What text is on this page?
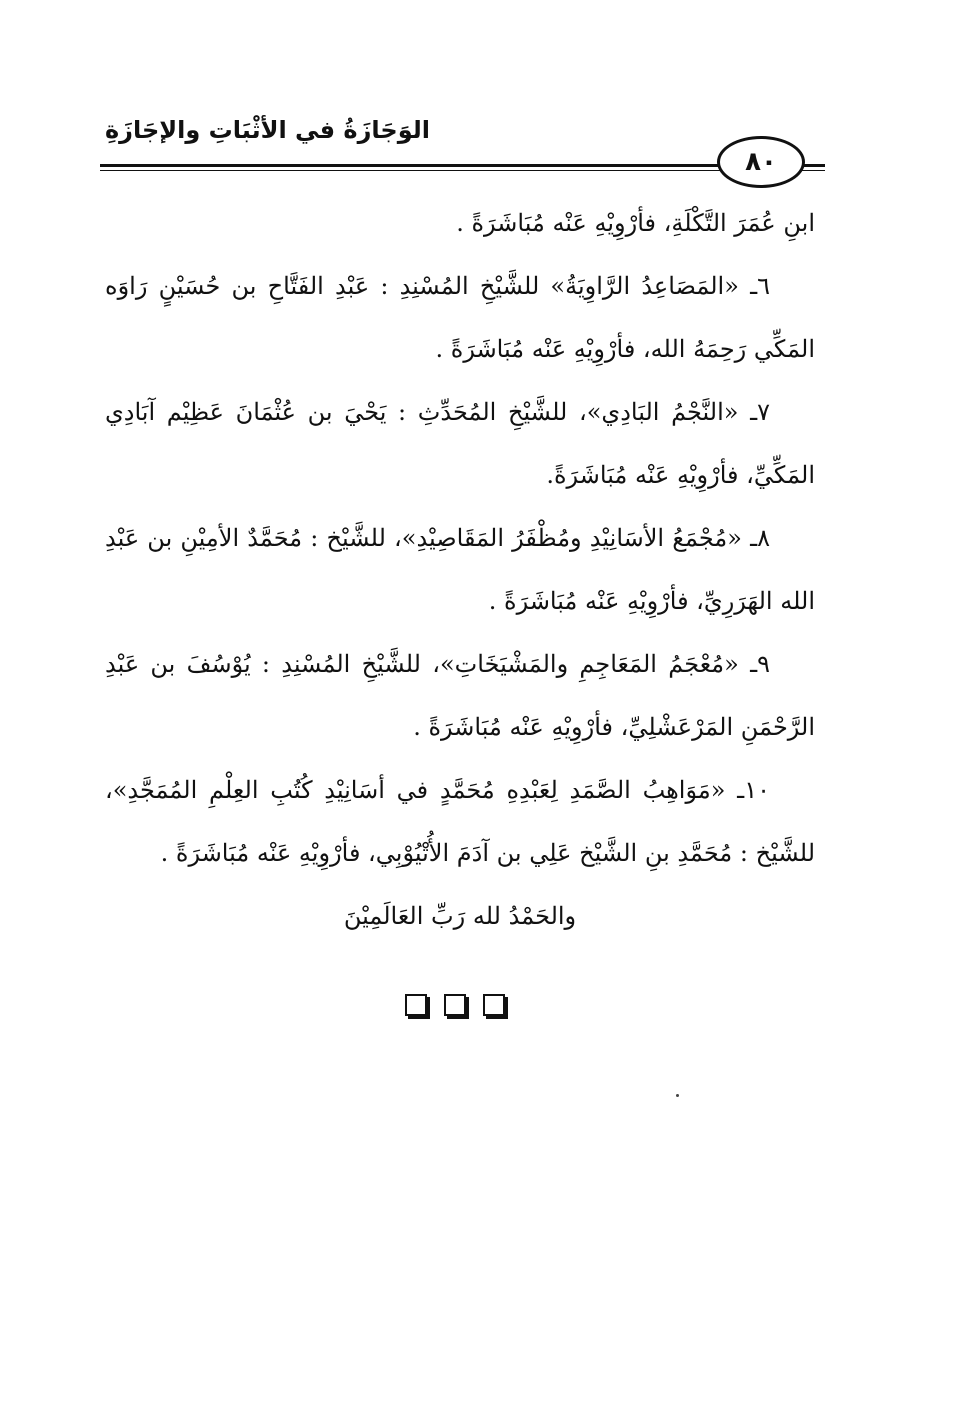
الوَجَازَةُ في الأثْبَاتِ والإجَازَةِ
٨٠

ابنِ عُمَرَ التَّكْلَةِ، فأرْوِيْهِ عَنْه مُبَاشَرَةً .

٦ـ «المَصَاعِدُ الرَّاوِيَةُ» للشَّيْخِ المُسْنِدِ : عَبْدِ الفَتَّاحِ بن حُسَيْنٍ رَاوَه المَكِّي رَحِمَهُ الله، فأرْوِيْهِ عَنْه مُبَاشَرَةً .

٧ـ «النَّجْمُ البَادِي»، للشَّيْخِ المُحَدِّثِ : يَحْيَ بن عُثْمَانَ عَظِيْم آبَادِي المَكِّيِّ، فأرْوِيْهِ عَنْه مُبَاشَرَةً.

٨ـ «مُجْمَعُ الأسَانِيْدِ ومُظْفَرُ المَقَاصِيْدِ»، للشَّيْخ : مُحَمَّدٌ الأمِيْنِ بن عَبْدِ الله الهَرَرِيِّ، فأرْوِيْهِ عَنْه مُبَاشَرَةً .

٩ـ «مُعْجَمُ المَعَاجِمِ والمَشْيَخَاتِ»، للشَّيْخِ المُسْنِدِ : يُوْسُفَ بن عَبْدِ الرَّحْمَنِ المَرْعَشْلِيِّ، فأرْوِيْهِ عَنْه مُبَاشَرَةً .

١٠ـ «مَوَاهِبُ الصَّمَدِ لِعَبْدِهِ مُحَمَّدٍ في أسَانِيْدِ كُتُبِ العِلْمِ المُمَجَّدِ»، للشَّيْخ : مُحَمَّدِ بنِ الشَّيْخ عَلِي بن آدَمَ الأُتْيُوْبِي، فأرْوِيْهِ عَنْه مُبَاشَرَةً .

والحَمْدُ لله رَبِّ العَالَمِيْنَ
